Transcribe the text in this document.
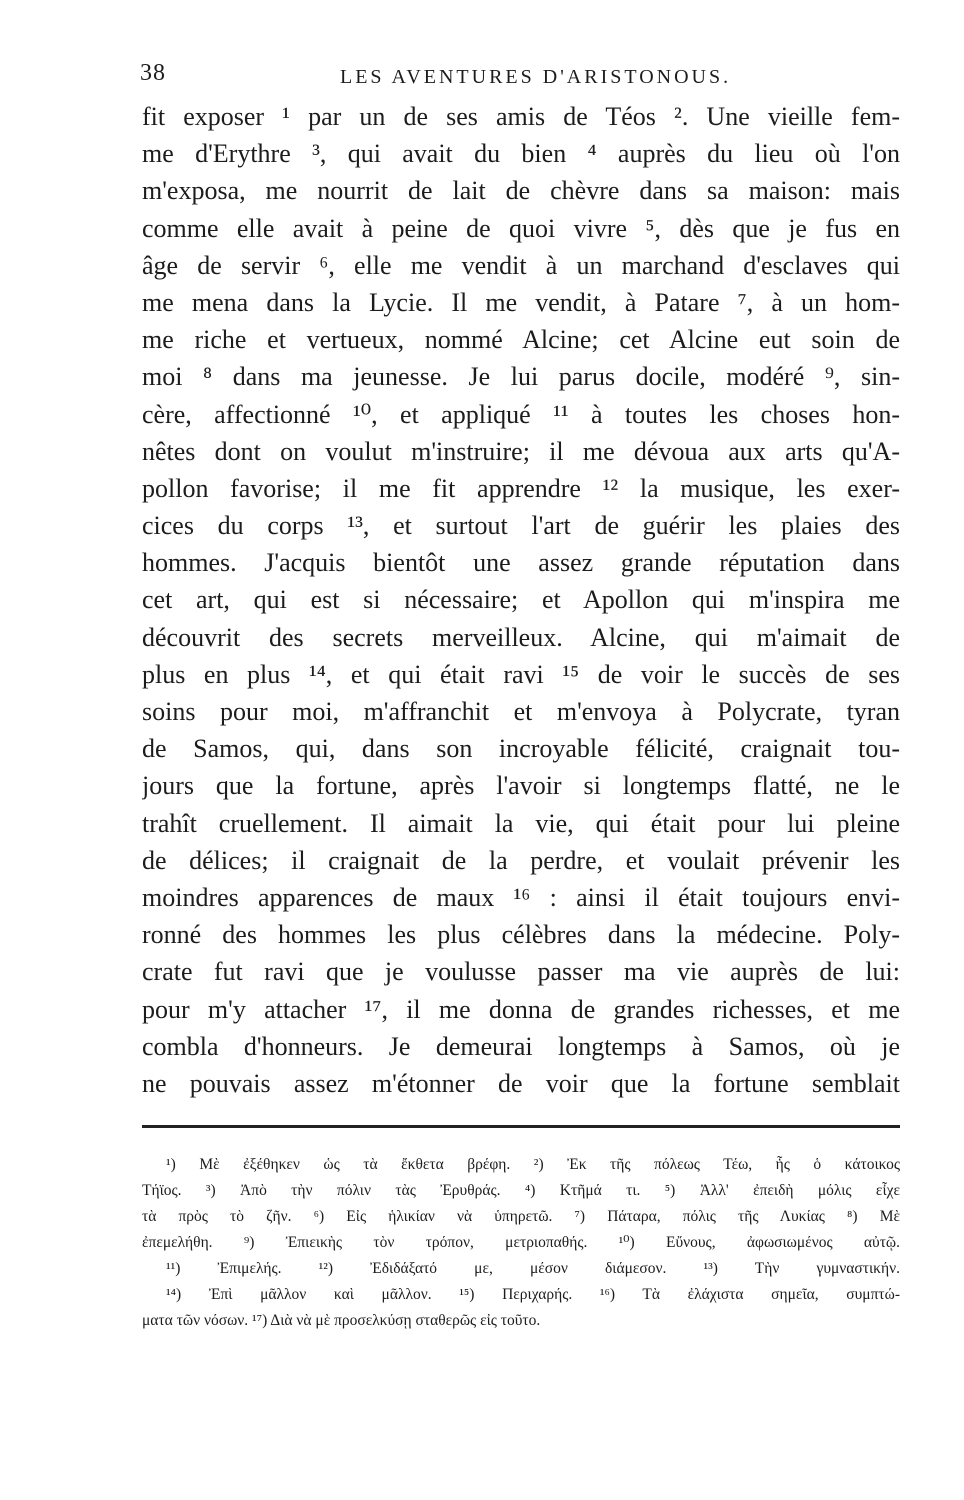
38	LES AVENTURES D'ARISTONOUS.
fit exposer ¹ par un de ses amis de Téos ². Une vieille fem-
me d'Erythre ³, qui avait du bien ⁴ auprès du lieu où l'on
m'exposa, me nourrit de lait de chèvre dans sa maison: mais
comme elle avait à peine de quoi vivre ⁵, dès que je fus en
âge de servir ⁶, elle me vendit à un marchand d'esclaves qui
me mena dans la Lycie. Il me vendit, à Patare ⁷, à un hom-
me riche et vertueux, nommé Alcine; cet Alcine eut soin de
moi ⁸ dans ma jeunesse. Je lui parus docile, modéré ⁹, sin-
cère, affectionné ¹⁰, et appliqué ¹¹ à toutes les choses hon-
nêtes dont on voulut m'instruire; il me dévoua aux arts qu'A-
pollon favorise; il me fit apprendre ¹² la musique, les exer-
cices du corps ¹³, et surtout l'art de guérir les plaies des
hommes. J'acquis bientôt une assez grande réputation dans
cet art, qui est si nécessaire; et Apollon qui m'inspira me
découvrit des secrets merveilleux. Alcine, qui m'aimait de
plus en plus ¹⁴, et qui était ravi ¹⁵ de voir le succès de ses
soins pour moi, m'affranchit et m'envoya à Polycrate, tyran
de Samos, qui, dans son incroyable félicité, craignait tou-
jours que la fortune, après l'avoir si longtemps flatté, ne le
trahît cruellement. Il aimait la vie, qui était pour lui pleine
de délices; il craignait de la perdre, et voulait prévenir les
moindres apparences de maux ¹⁶ : ainsi il était toujours envi-
ronné des hommes les plus célèbres dans la médecine. Poly-
crate fut ravi que je voulusse passer ma vie auprès de lui:
pour m'y attacher ¹⁷, il me donna de grandes richesses, et me
combla d'honneurs. Je demeurai longtemps à Samos, où je
ne pouvais assez m'étonner de voir que la fortune semblait
¹) Μὲ ἐξέθηκεν ὡς τὰ ἔκθετα βρέφη. ²) Ἐκ τῆς πόλεως Τέω, ἧς ὁ κάτοικος
Τήϊος. ³) Ἀπὸ τὴν πόλιν τὰς Ἐρυθράς. ⁴) Κτῆμά τι. ⁵) Ἀλλ' ἐπειδὴ μόλις εἶχε
τὰ πρὸς τὸ ζῆν. ⁶) Εἰς ἡλικίαν νὰ ὑπηρετῶ. ⁷) Πάταρα, πόλις τῆς Λυκίας ⁸) Μὲ
ἐπεμελήθη. ⁹) Ἐπιεικὴς τὸν τρόπον, μετριοπαθής. ¹⁰) Εὔνους, ἀφωσιωμένος αὐτῷ.
¹¹) Ἐπιμελής. ¹²) Ἐδιδάξατό με, μέσον διάμεσον. ¹³) Τὴν γυμναστικήν.
¹⁴) Ἐπὶ μᾶλλον καὶ μᾶλλον. ¹⁵) Περιχαρής. ¹⁶) Τὰ ἐλάχιστα σημεῖα, συμπτώ-
ματα τῶν νόσων. ¹⁷) Διὰ νὰ μὲ προσελκύσῃ σταθερῶς εἰς τοῦτο.
